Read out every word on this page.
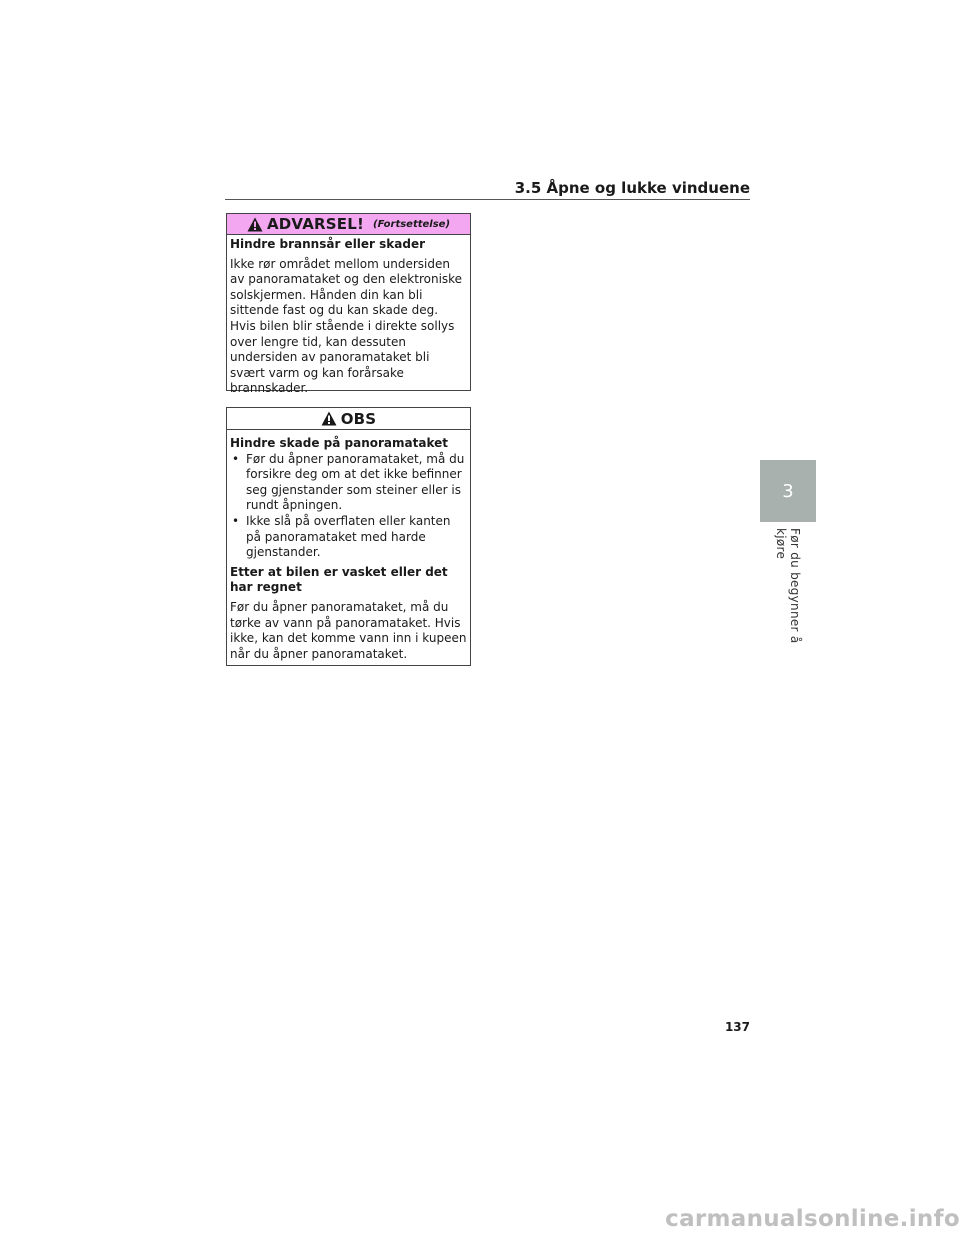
3.5 Åpne og lukke vinduene
ADVARSEL! (Fortsettelse)

Hindre brannsår eller skader

Ikke rør området mellom undersiden av panoramataket og den elektroniske solskjermen. Hånden din kan bli sittende fast og du kan skade deg. Hvis bilen blir stående i direkte sollys over lengre tid, kan dessuten undersiden av panoramataket bli svært varm og kan forårsake brannskader.

OBS

Hindre skade på panoramataket

• Før du åpner panoramataket, må du forsikre deg om at det ikke befinner seg gjenstander som steiner eller is rundt åpningen.
• Ikke slå på overflaten eller kanten på panoramataket med harde gjenstander.

Etter at bilen er vasket eller det har regnet

Før du åpner panoramataket, må du tørke av vann på panoramataket. Hvis ikke, kan det komme vann inn i kupeen når du åpner panoramataket.

3
Før du begynner å kjøre
137
carmanualsonline.info
